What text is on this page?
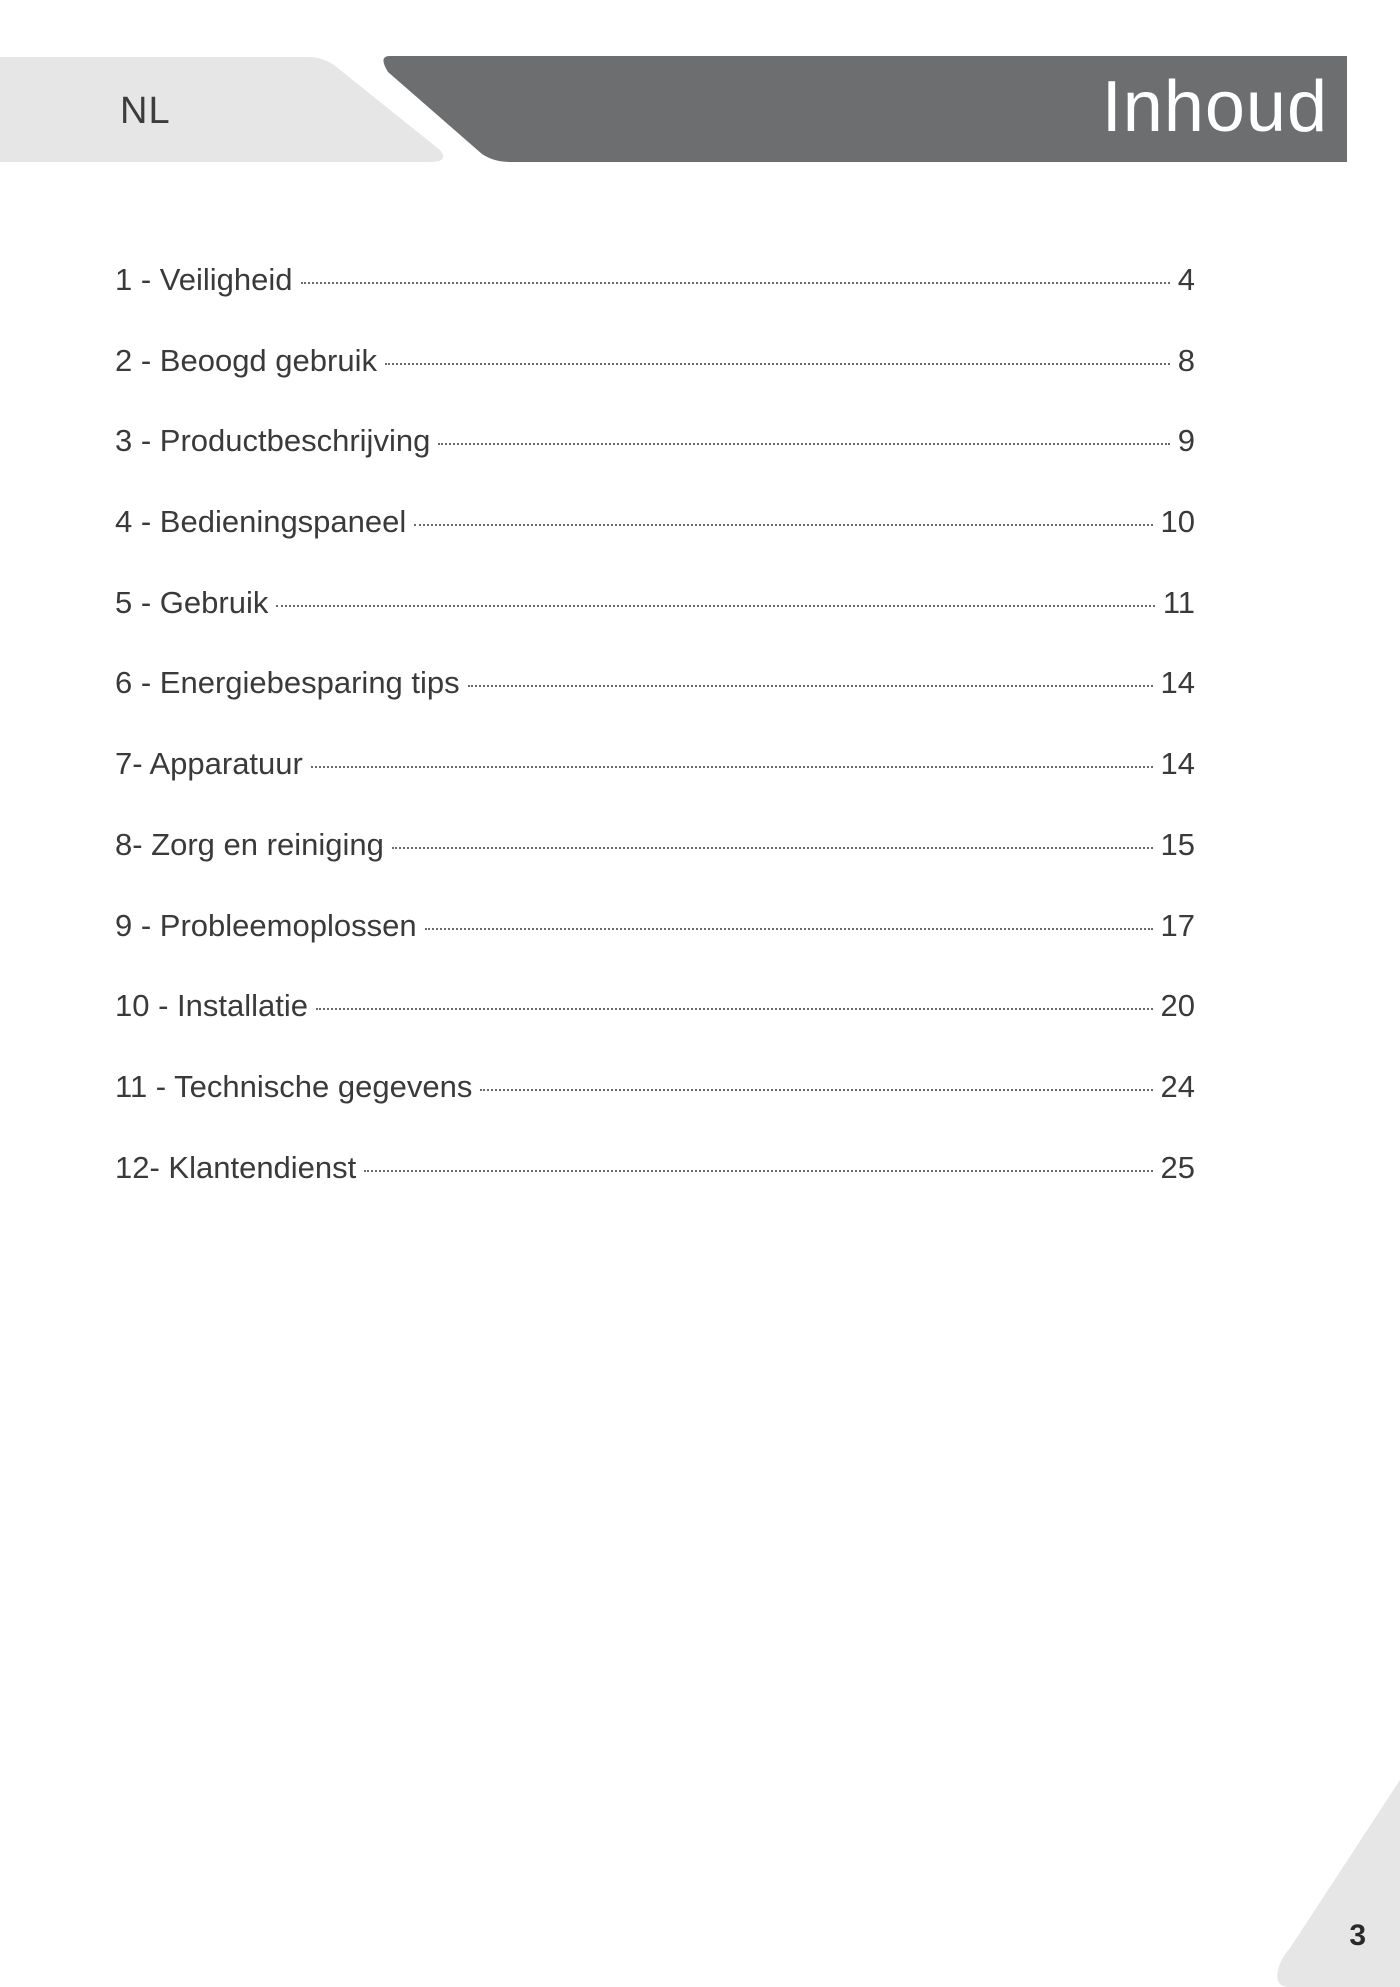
NL	Inhoud
1 - Veiligheid	4
2 - Beoogd gebruik	8
3 - Productbeschrijving	9
4 - Bedieningspaneel	10
5 - Gebruik	11
6 - Energiebesparing tips	14
7- Apparatuur	14
8- Zorg en reiniging	15
9 - Probleemoplossen	17
10 - Installatie	20
11 - Technische gegevens	24
12- Klantendienst	25
3
